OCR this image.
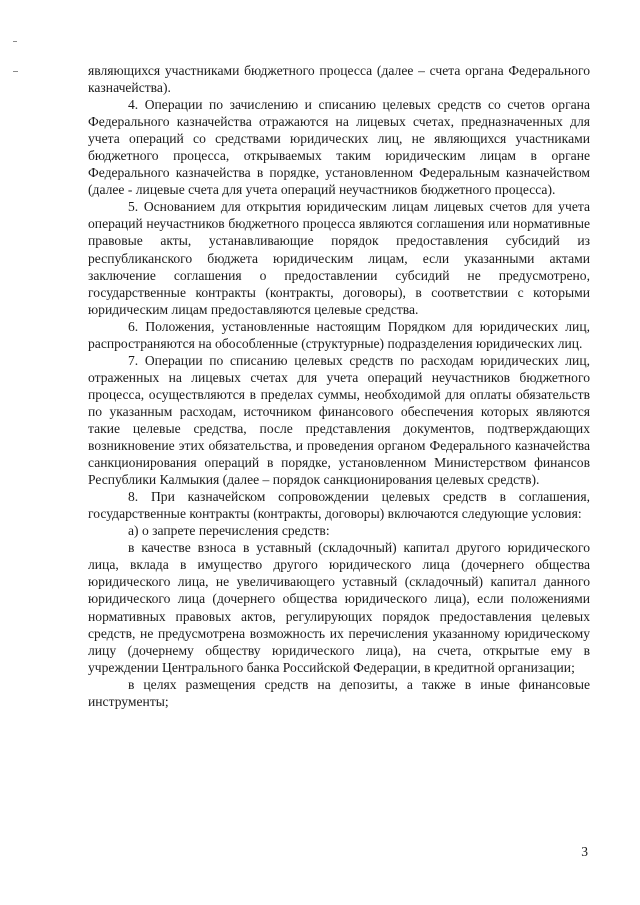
являющихся участниками бюджетного процесса (далее – счета органа Федерального казначейства).

4. Операции по зачислению и списанию целевых средств со счетов органа Федерального казначейства отражаются на лицевых счетах, предназначенных для учета операций со средствами юридических лиц, не являющихся участниками бюджетного процесса, открываемых таким юридическим лицам в органе Федерального казначейства в порядке, установленном Федеральным казначейством (далее - лицевые счета для учета операций неучастников бюджетного процесса).

5. Основанием для открытия юридическим лицам лицевых счетов для учета операций неучастников бюджетного процесса являются соглашения или нормативные правовые акты, устанавливающие порядок предоставления субсидий из республиканского бюджета юридическим лицам, если указанными актами заключение соглашения о предоставлении субсидий не предусмотрено, государственные контракты (контракты, договоры), в соответствии с которыми юридическим лицам предоставляются целевые средства.

6. Положения, установленные настоящим Порядком для юридических лиц, распространяются на обособленные (структурные) подразделения юридических лиц.

7. Операции по списанию целевых средств по расходам юридических лиц, отраженных на лицевых счетах для учета операций неучастников бюджетного процесса, осуществляются в пределах суммы, необходимой для оплаты обязательств по указанным расходам, источником финансового обеспечения которых являются такие целевые средства, после представления документов, подтверждающих возникновение этих обязательства, и проведения органом Федерального казначейства санкционирования операций в порядке, установленном Министерством финансов Республики Калмыкия (далее – порядок санкционирования целевых средств).

8. При казначейском сопровождении целевых средств в соглашения, государственные контракты (контракты, договоры) включаются следующие условия:

а) о запрете перечисления средств:

в качестве взноса в уставный (складочный) капитал другого юридического лица, вклада в имущество другого юридического лица (дочернего общества юридического лица, не увеличивающего уставный (складочный) капитал данного юридического лица (дочернего общества юридического лица), если положениями нормативных правовых актов, регулирующих порядок предоставления целевых средств, не предусмотрена возможность их перечисления указанному юридическому лицу (дочернему обществу юридического лица), на счета, открытые ему в учреждении Центрального банка Российской Федерации, в кредитной организации;

в целях размещения средств на депозиты, а также в иные финансовые инструменты;

3
